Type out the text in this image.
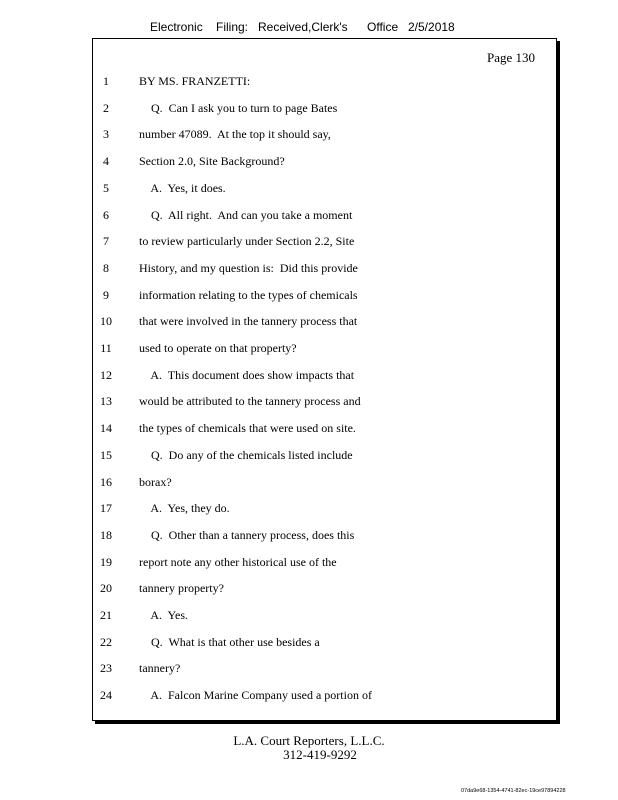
Electronic Filing: Received,Clerk's Office 2/5/2018
Page 130
1	BY MS. FRANZETTI:
2	Q.  Can I ask you to turn to page Bates
3	number 47089.  At the top it should say,
4	Section 2.0, Site Background?
5	A.  Yes, it does.
6	Q.  All right.  And can you take a moment
7	to review particularly under Section 2.2, Site
8	History, and my question is:  Did this provide
9	information relating to the types of chemicals
10 that were involved in the tannery process that
11 used to operate on that property?
12 A.  This document does show impacts that
13 would be attributed to the tannery process and
14 the types of chemicals that were used on site.
15 Q.  Do any of the chemicals listed include
16 borax?
17 A.  Yes, they do.
18 Q.  Other than a tannery process, does this
19 report note any other historical use of the
20 tannery property?
21 A.  Yes.
22 Q.  What is that other use besides a
23 tannery?
24 A.  Falcon Marine Company used a portion of
L.A. Court Reporters, L.L.C.
312-419-9292
07da9e68-1354-4741-82ec-19ce97894228
